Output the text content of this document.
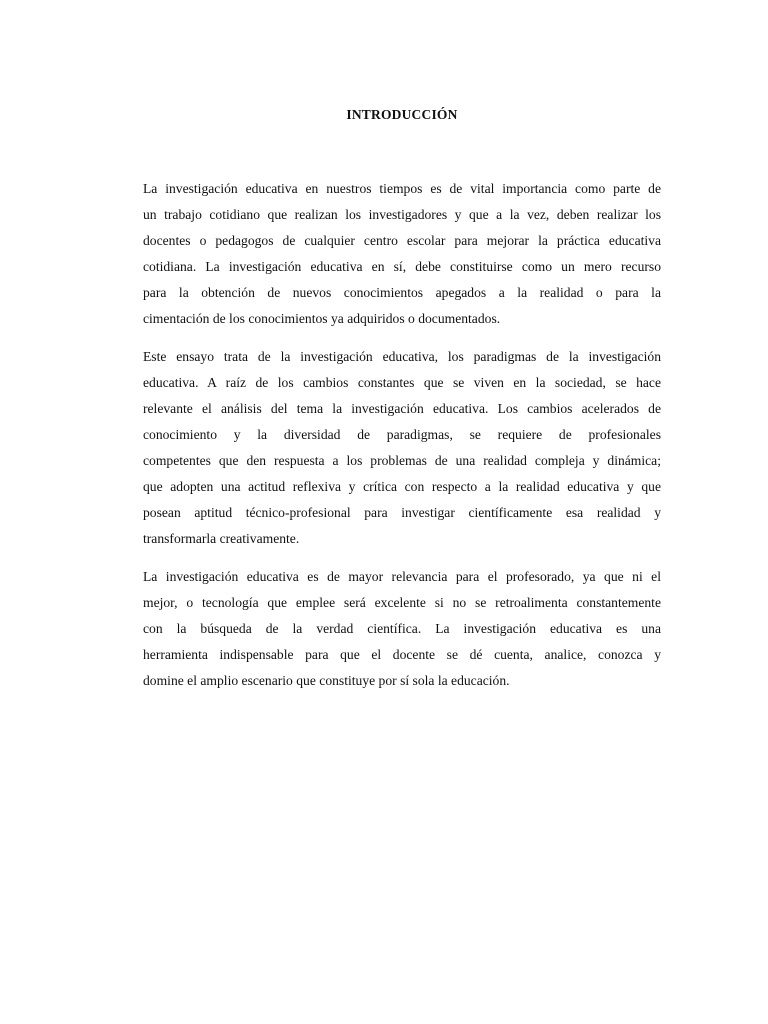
INTRODUCCIÓN

La investigación educativa en nuestros tiempos es de vital importancia como parte de
un trabajo cotidiano que realizan los investigadores y que a la vez, deben realizar los
docentes o pedagogos de cualquier centro escolar para mejorar la práctica educativa
cotidiana. La investigación educativa en sí, debe constituirse como un mero recurso
para la obtención de nuevos conocimientos apegados a la realidad o para la
cimentación de los conocimientos ya adquiridos o documentados.

Este ensayo trata de la investigación educativa, los paradigmas de la investigación
educativa. A raíz de los cambios constantes que se viven en la sociedad, se hace
relevante el análisis del tema la investigación educativa. Los cambios acelerados de
conocimiento y la diversidad de paradigmas, se requiere de profesionales
competentes que den respuesta a los problemas de una realidad compleja y dinámica;
que adopten una actitud reflexiva y crítica con respecto a la realidad educativa y que
posean aptitud técnico-profesional para investigar científicamente esa realidad y
transformarla creativamente.

La investigación educativa es de mayor relevancia para el profesorado, ya que ni el
mejor, o tecnología que emplee será excelente si no se retroalimenta constantemente
con la búsqueda de la verdad científica. La investigación educativa es una
herramienta indispensable para que el docente se dé cuenta, analice, conozca y
domine el amplio escenario que constituye por sí sola la educación.
